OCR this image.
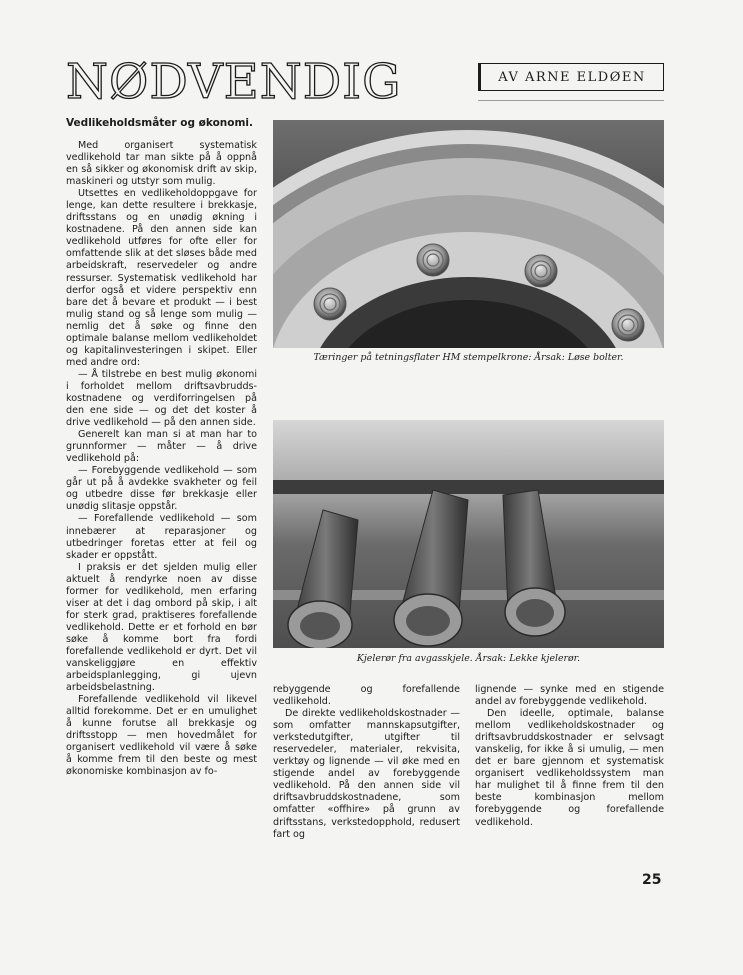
NØDVENDIG	AV ARNE ELDØEN

Vedlikeholdsmåter og økonomi.

Med organisert systematisk vedlikehold tar man sikte på å oppnå en så sikker og økonomisk drift av skip, maskineri og utstyr som mulig.

Utsettes en vedlikeholdoppgave for lenge, kan dette resultere i brekkasje, driftsstans og en unødig økning i kostnadene. På den annen side kan vedlikehold utføres for ofte eller for omfattende slik at det sløses både med arbeidskraft, reservedeler og andre ressurser. Systematisk vedlikehold har derfor også et videre perspektiv enn bare det å bevare et produkt — i best mulig stand og så lenge som mulig — nemlig det å søke og finne den optimale balanse mellom vedlikeholdet og kapitalinvesteringen i skipet. Eller med andre ord:

— Å tilstrebe en best mulig økonomi i forholdet mellom driftsavbrudds-kostnadene og verdiforringelsen på den ene side — og det det koster å drive vedlikehold — på den annen side.

Generelt kan man si at man har to grunnformer — måter — å drive vedlikehold på:

— Forebyggende vedlikehold — som går ut på å avdekke svakheter og feil og utbedre disse før brekkasje eller unødig slitasje oppstår.

— Forefallende vedlikehold — som innebærer at reparasjoner og utbedringer foretas etter at feil og skader er oppstått.

I praksis er det sjelden mulig eller aktuelt å rendyrke noen av disse former for vedlikehold, men erfaring viser at det i dag ombord på skip, i alt for sterk grad, praktiseres forefallende vedlikehold. Dette er et forhold en bør søke å komme bort fra fordi forefallende vedlikehold er dyrt. Det vil vanskeliggjøre en effektiv arbeidsplanlegging, gi ujevn arbeidsbelastning.

Forefallende vedlikehold vil likevel alltid forekomme. Det er en umulighet å kunne forutse all brekkasje og driftsstopp — men hovedmålet for organisert vedlikehold vil være å søke å komme frem til den beste og mest økonomiske kombinasjon av fo-

Tæringer på tetningsflater HM stempelkrone: Årsak: Løse bolter.
Kjelerør fra avgasskjele. Årsak: Lekke kjelerør.

rebyggende og forefallende vedlikehold.

De direkte vedlikeholdskostnader — som omfatter mannskapsutgifter, verkstedutgifter, utgifter til reservedeler, materialer, rekvisita, verktøy og lignende — vil øke med en stigende andel av forebyggende vedlikehold. På den annen side vil driftsavbruddskostnadene, som omfatter «offhire» på grunn av driftsstans, verkstedopphold, redusert fart og

lignende — synke med en stigende andel av forebyggende vedlikehold.

Den ideelle, optimale, balanse mellom vedlikeholdskostnader og driftsavbruddskostnader er selvsagt vanskelig, for ikke å si umulig, — men det er bare gjennom et systematisk organisert vedlikeholdssystem man har mulighet til å finne frem til den beste kombinasjon mellom forebyggende og forefallende vedlikehold.

25
